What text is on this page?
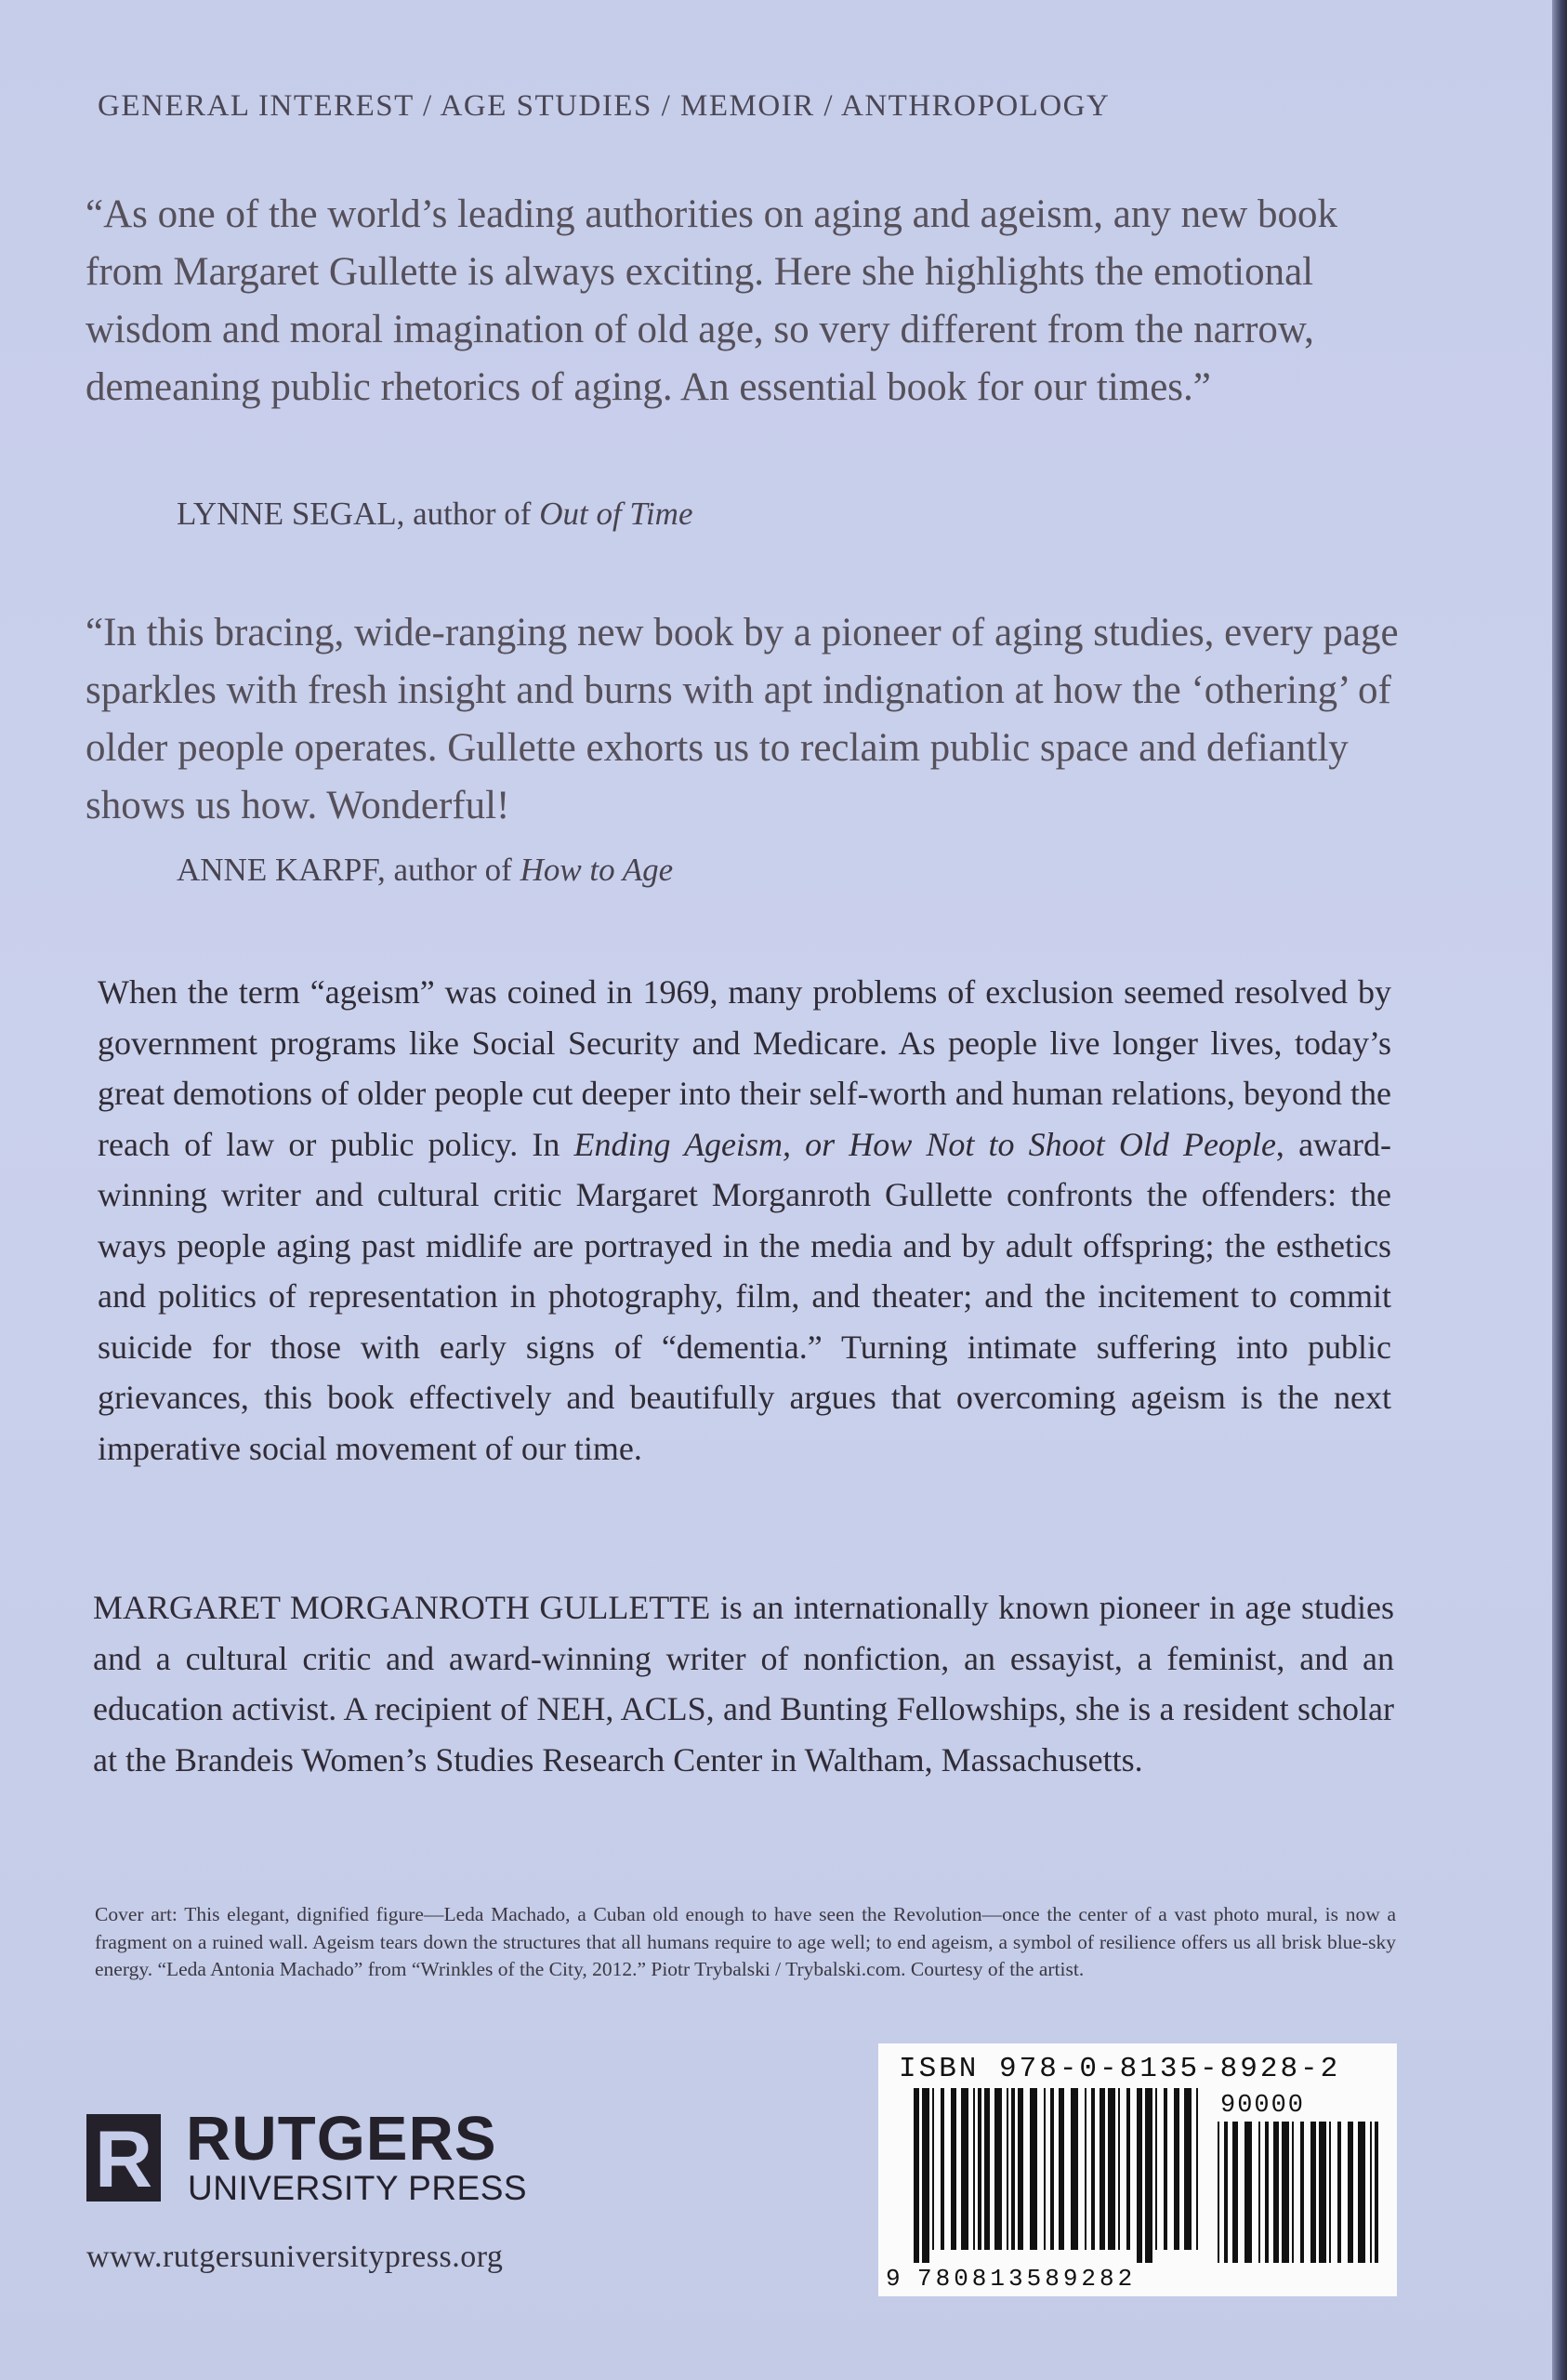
GENERAL INTEREST / AGE STUDIES / MEMOIR / ANTHROPOLOGY
“As one of the world’s leading authorities on aging and ageism, any new book from Margaret Gullette is always exciting. Here she highlights the emotional wisdom and moral imagination of old age, so very different from the narrow, demeaning public rhetorics of aging. An essential book for our times.”
LYNNE SEGAL, author of Out of Time
“In this bracing, wide-ranging new book by a pioneer of aging studies, every page sparkles with fresh insight and burns with apt indignation at how the ‘othering’ of older people operates. Gullette exhorts us to reclaim public space and defiantly shows us how. Wonderful!
ANNE KARPF, author of How to Age
When the term “ageism” was coined in 1969, many problems of exclusion seemed resolved by government programs like Social Security and Medicare. As people live longer lives, today’s great demotions of older people cut deeper into their self-worth and human relations, beyond the reach of law or public policy. In Ending Ageism, or How Not to Shoot Old People, award-winning writer and cultural critic Margaret Morganroth Gullette confronts the offenders: the ways people aging past midlife are portrayed in the media and by adult offspring; the esthetics and politics of representation in photography, film, and theater; and the incitement to commit suicide for those with early signs of “dementia.” Turning intimate suffering into public grievances, this book effectively and beautifully argues that overcoming ageism is the next imperative social movement of our time.
MARGARET MORGANROTH GULLETTE is an internationally known pioneer in age studies and a cultural critic and award-winning writer of nonfiction, an essayist, a feminist, and an education activist. A recipient of NEH, ACLS, and Bunting Fellowships, she is a resident scholar at the Brandeis Women’s Studies Research Center in Waltham, Massachusetts.
Cover art: This elegant, dignified figure—Leda Machado, a Cuban old enough to have seen the Revolution—once the center of a vast photo mural, is now a fragment on a ruined wall. Ageism tears down the structures that all humans require to age well; to end ageism, a symbol of resilience offers us all brisk blue-sky energy. “Leda Antonia Machado” from “Wrinkles of the City, 2012.” Piotr Trybalski / Trybalski.com. Courtesy of the artist.
R RUTGERS
UNIVERSITY PRESS
www.rutgersuniversitypress.org
ISBN 978-0-8135-8928-2
90000
9 780813589282
